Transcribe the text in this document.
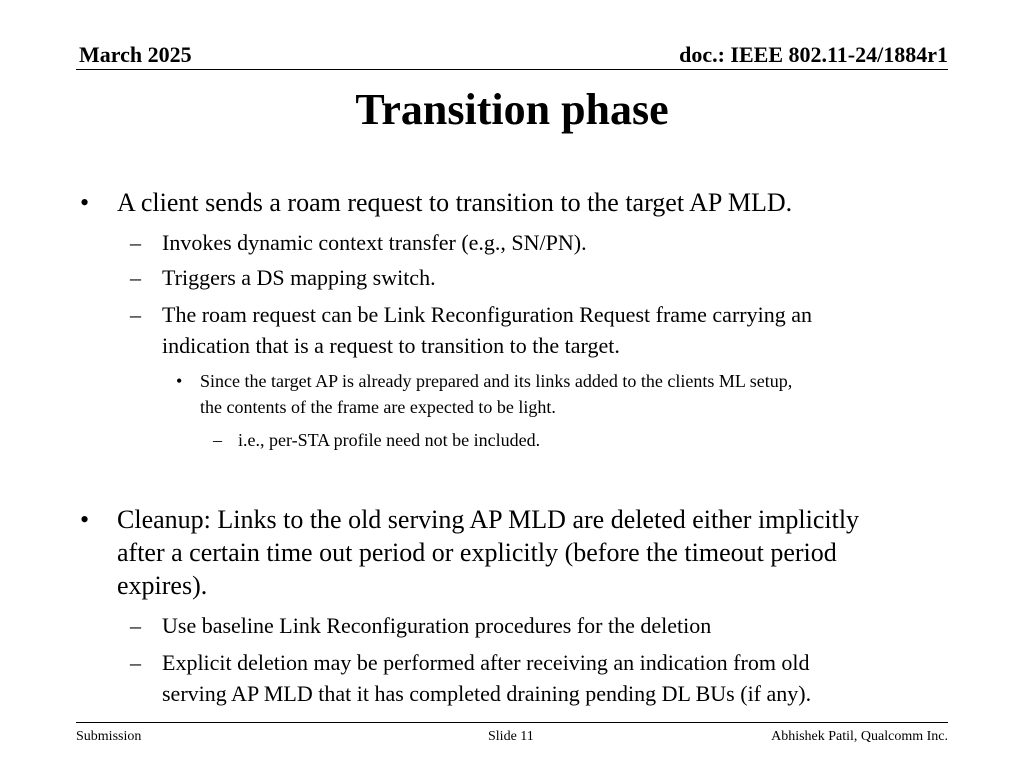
March 2025	doc.: IEEE 802.11-24/1884r1
Transition phase
• A client sends a roam request to transition to the target AP MLD.
– Invokes dynamic context transfer (e.g., SN/PN).
– Triggers a DS mapping switch.
– The roam request can be Link Reconfiguration Request frame carrying an
indication that is a request to transition to the target.
• Since the target AP is already prepared and its links added to the clients ML setup,
the contents of the frame are expected to be light.
– i.e., per-STA profile need not be included.
• Cleanup: Links to the old serving AP MLD are deleted either implicitly
after a certain time out period or explicitly (before the timeout period
expires).
– Use baseline Link Reconfiguration procedures for the deletion
– Explicit deletion may be performed after receiving an indication from old
serving AP MLD that it has completed draining pending DL BUs (if any).
Submission	Slide 11	Abhishek Patil, Qualcomm Inc.
